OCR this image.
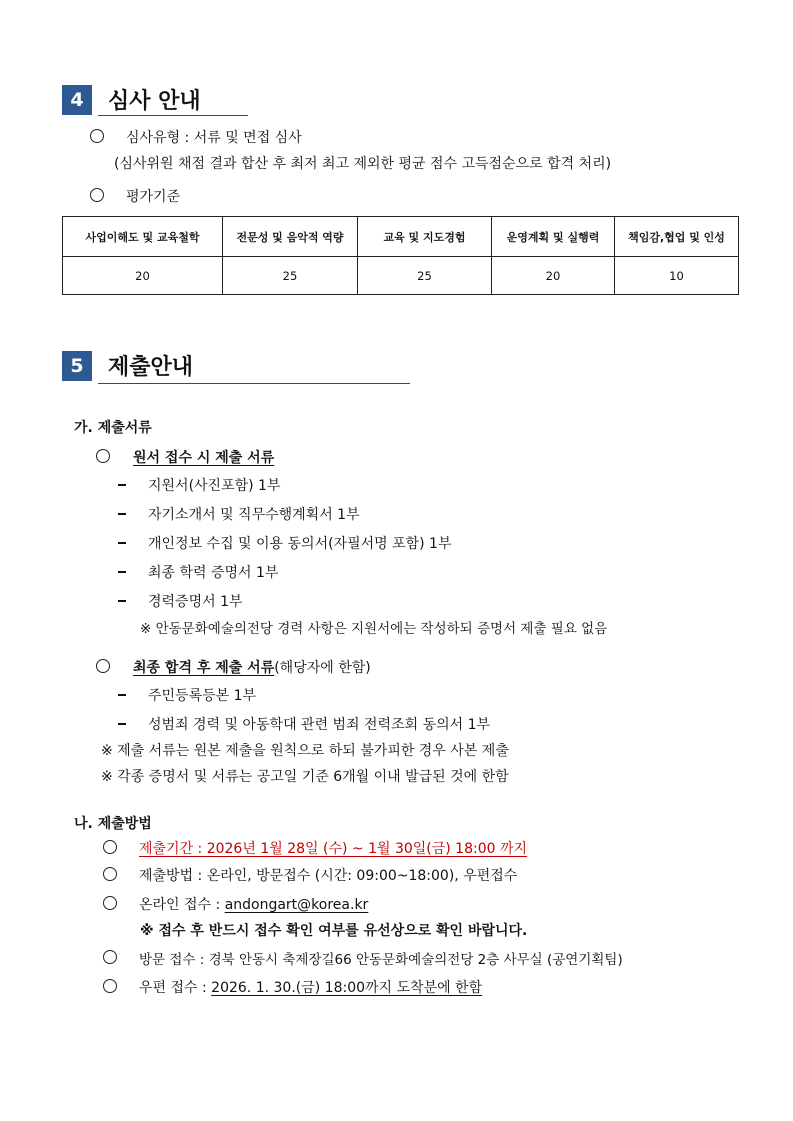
4	심사 안내
심사유형 : 서류 및 면접 심사
(심사위원 채점 결과 합산 후 최저 최고 제외한 평균 점수 고득점순으로 합격 처리)
평가기준
사업이해도 및 교육철학	전문성 및 음악적 역량	교육 및 지도경험	운영계획 및 실행력	책임감,협업 및 인성
20	25	25	20	10
5	제출안내
가. 제출서류
원서 접수 시 제출 서류
지원서(사진포함) 1부
자기소개서 및 직무수행계획서 1부
개인정보 수집 및 이용 동의서(자필서명 포함) 1부
최종 학력 증명서 1부
경력증명서 1부
※ 안동문화예술의전당 경력 사항은 지원서에는 작성하되 증명서 제출 필요 없음
최종 합격 후 제출 서류(해당자에 한함)
주민등록등본 1부
성범죄 경력 및 아동학대 관련 범죄 전력조회 동의서 1부
※ 제출 서류는 원본 제출을 원칙으로 하되 불가피한 경우 사본 제출
※ 각종 증명서 및 서류는 공고일 기준 6개월 이내 발급된 것에 한함
나. 제출방법
제출기간 : 2026년 1월 28일 (수) ~ 1월 30일(금) 18:00 까지
제출방법 : 온라인, 방문접수 (시간: 09:00~18:00), 우편접수
온라인 접수 : andongart@korea.kr
※ 접수 후 반드시 접수 확인 여부를 유선상으로 확인 바랍니다.
방문 접수 : 경북 안동시 축제장길66 안동문화예술의전당 2층 사무실 (공연기획팀)
우편 접수 : 2026. 1. 30.(금) 18:00까지 도착분에 한함
